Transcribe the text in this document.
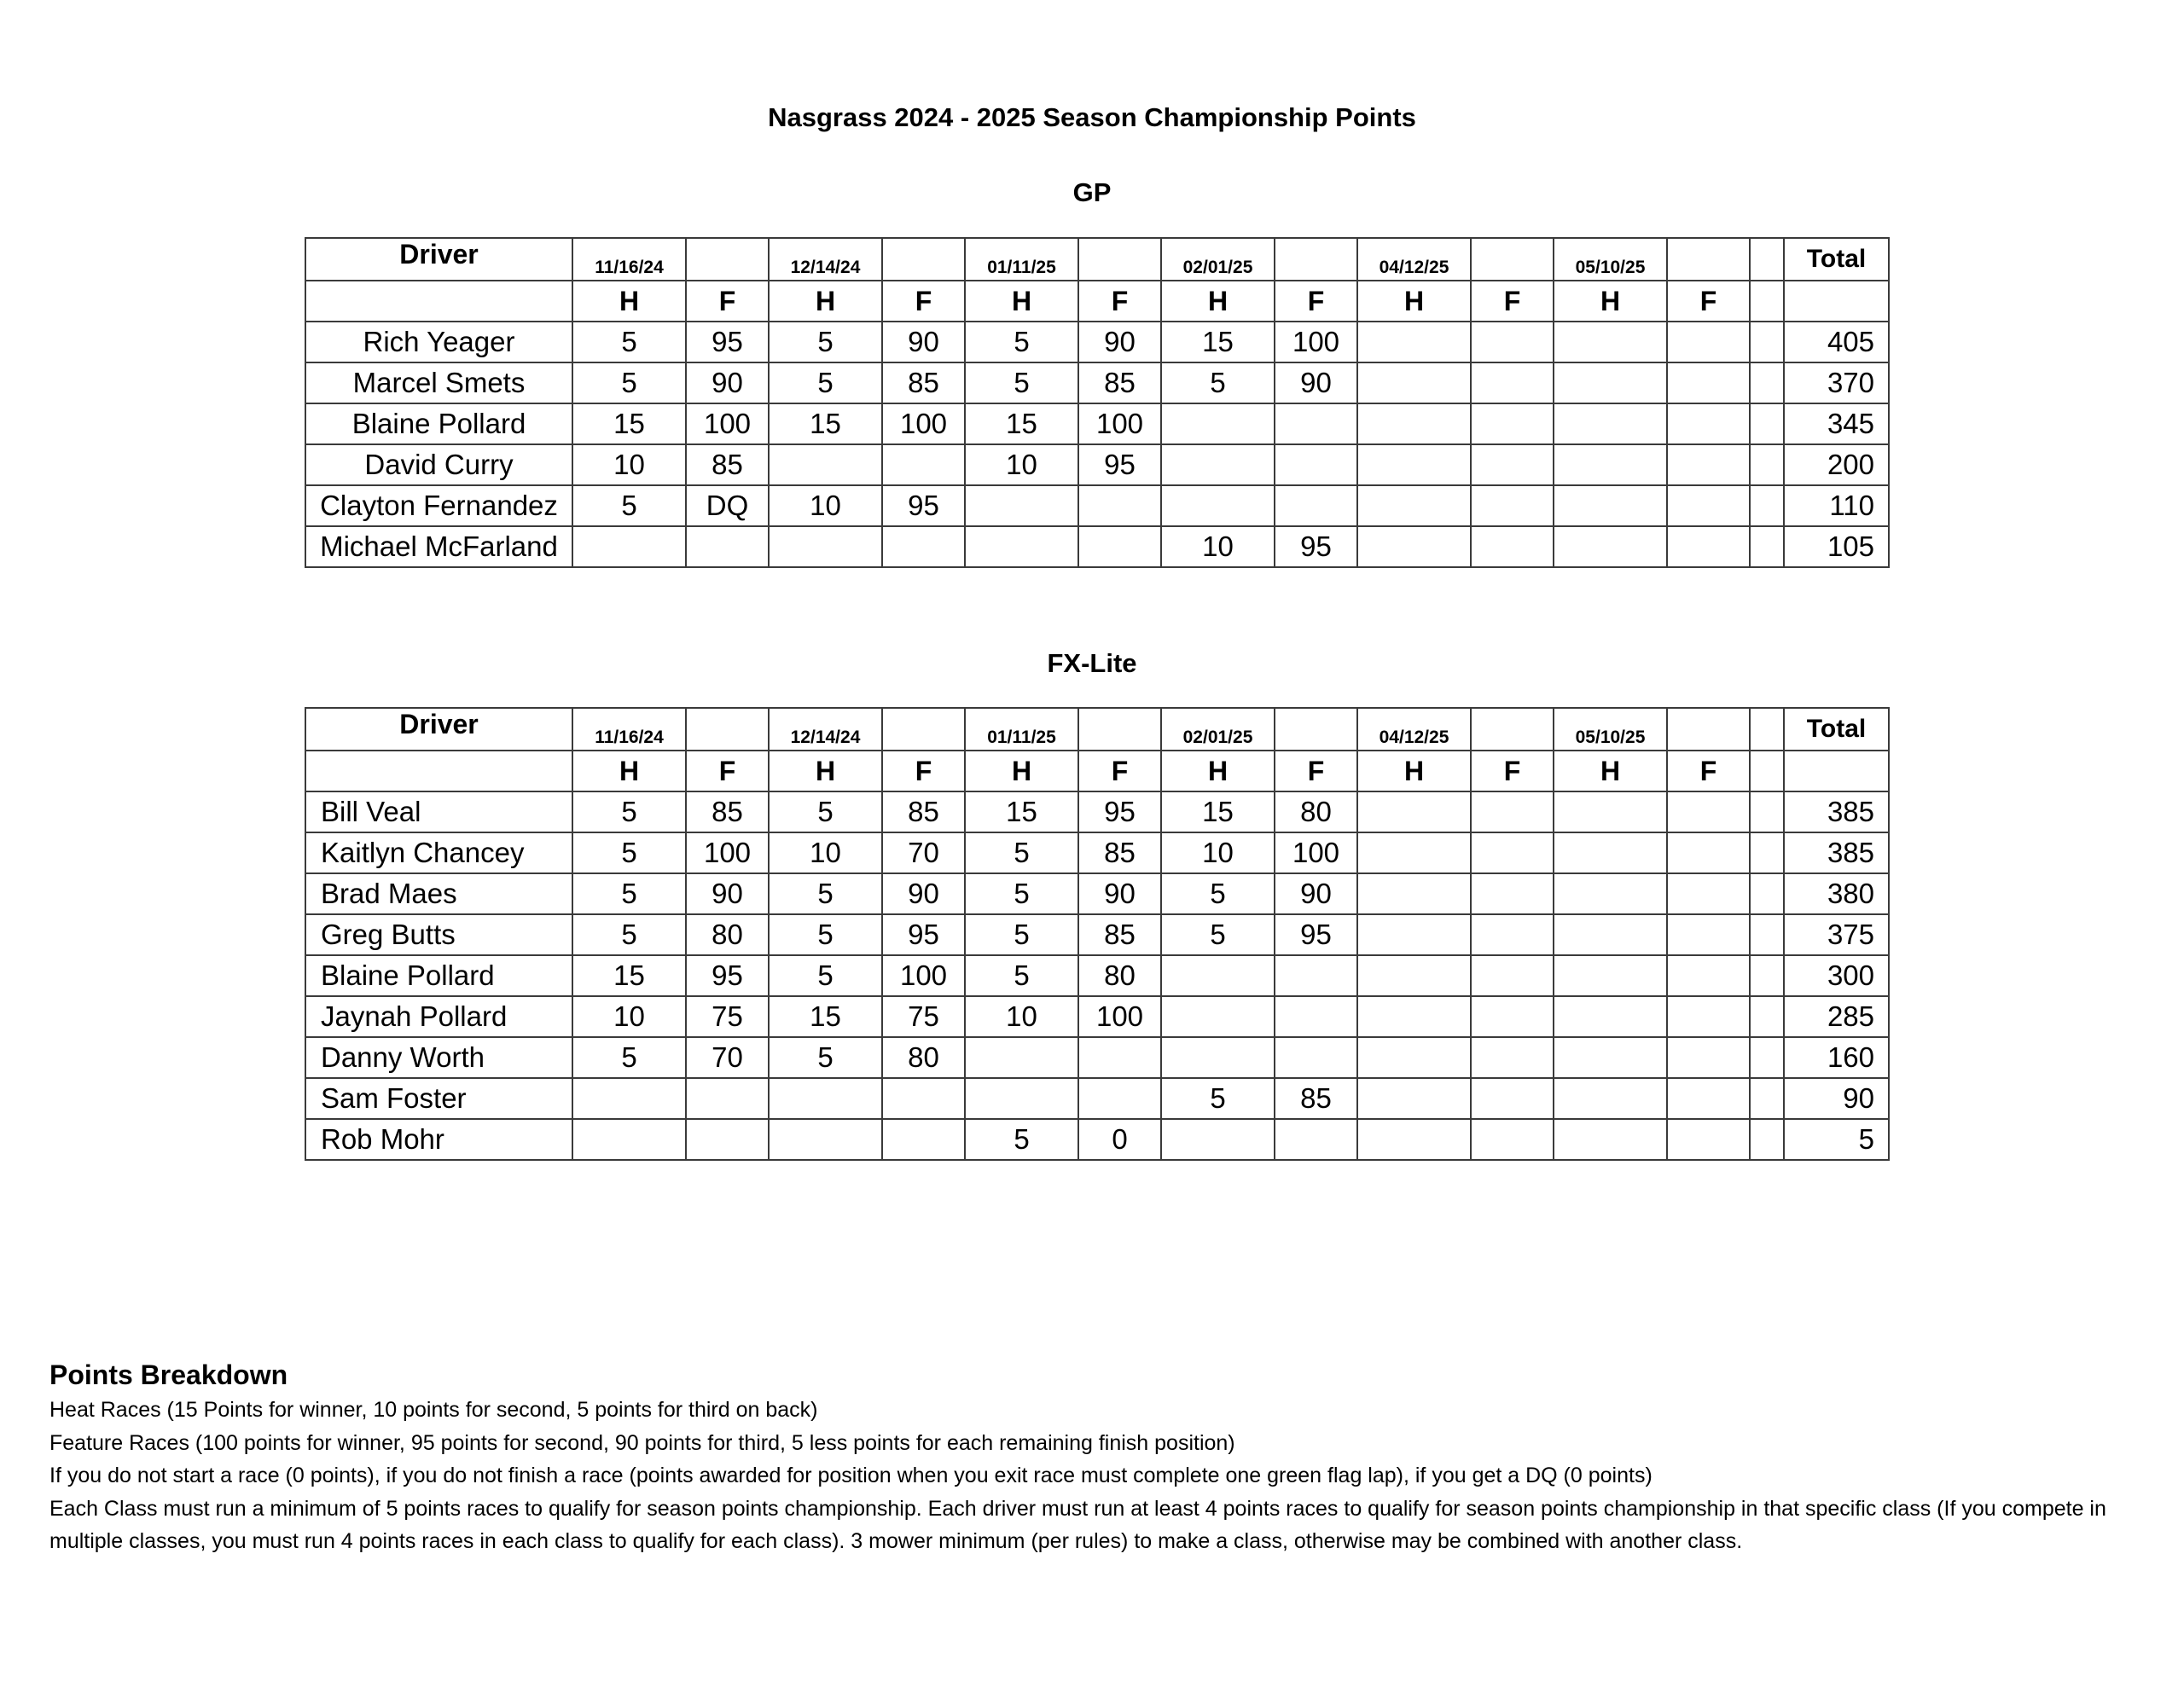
Nasgrass 2024 - 2025 Season Championship Points
GP
Driver	11/16/24		12/14/24		01/11/25		02/01/25		04/12/25		05/10/25			Total
	H	F	H	F	H	F	H	F	H	F	H	F		
Rich Yeager	5	95	5	90	5	90	15	100						405
Marcel Smets	5	90	5	85	5	85	5	90						370
Blaine Pollard	15	100	15	100	15	100								345
David Curry	10	85			10	95								200
Clayton Fernandez	5	DQ	10	95										110
Michael McFarland							10	95						105
FX-Lite
Driver	11/16/24		12/14/24		01/11/25		02/01/25		04/12/25		05/10/25			Total
	H	F	H	F	H	F	H	F	H	F	H	F		
Bill Veal	5	85	5	85	15	95	15	80						385
Kaitlyn Chancey	5	100	10	70	5	85	10	100						385
Brad Maes	5	90	5	90	5	90	5	90						380
Greg Butts	5	80	5	95	5	85	5	95						375
Blaine Pollard	15	95	5	100	5	80								300
Jaynah Pollard	10	75	15	75	10	100								285
Danny Worth	5	70	5	80										160
Sam Foster							5	85						90
Rob Mohr					5	0								5
Points Breakdown

Heat Races (15 Points for winner, 10 points for second, 5 points for third on back)

Feature Races (100 points for winner, 95 points for second, 90 points for third, 5 less points for each remaining finish position)

If you do not start a race (0 points), if you do not finish a race (points awarded for position when you exit race must complete one green flag lap), if you get a DQ (0 points)

Each Class must run a minimum of 5 points races to qualify for season points championship. Each driver must run at least 4 points races to qualify for season points championship in that specific class (If you compete in multiple classes, you must run 4 points races in each class to qualify for each class). 3 mower minimum (per rules) to make a class, otherwise may be combined with another class.
